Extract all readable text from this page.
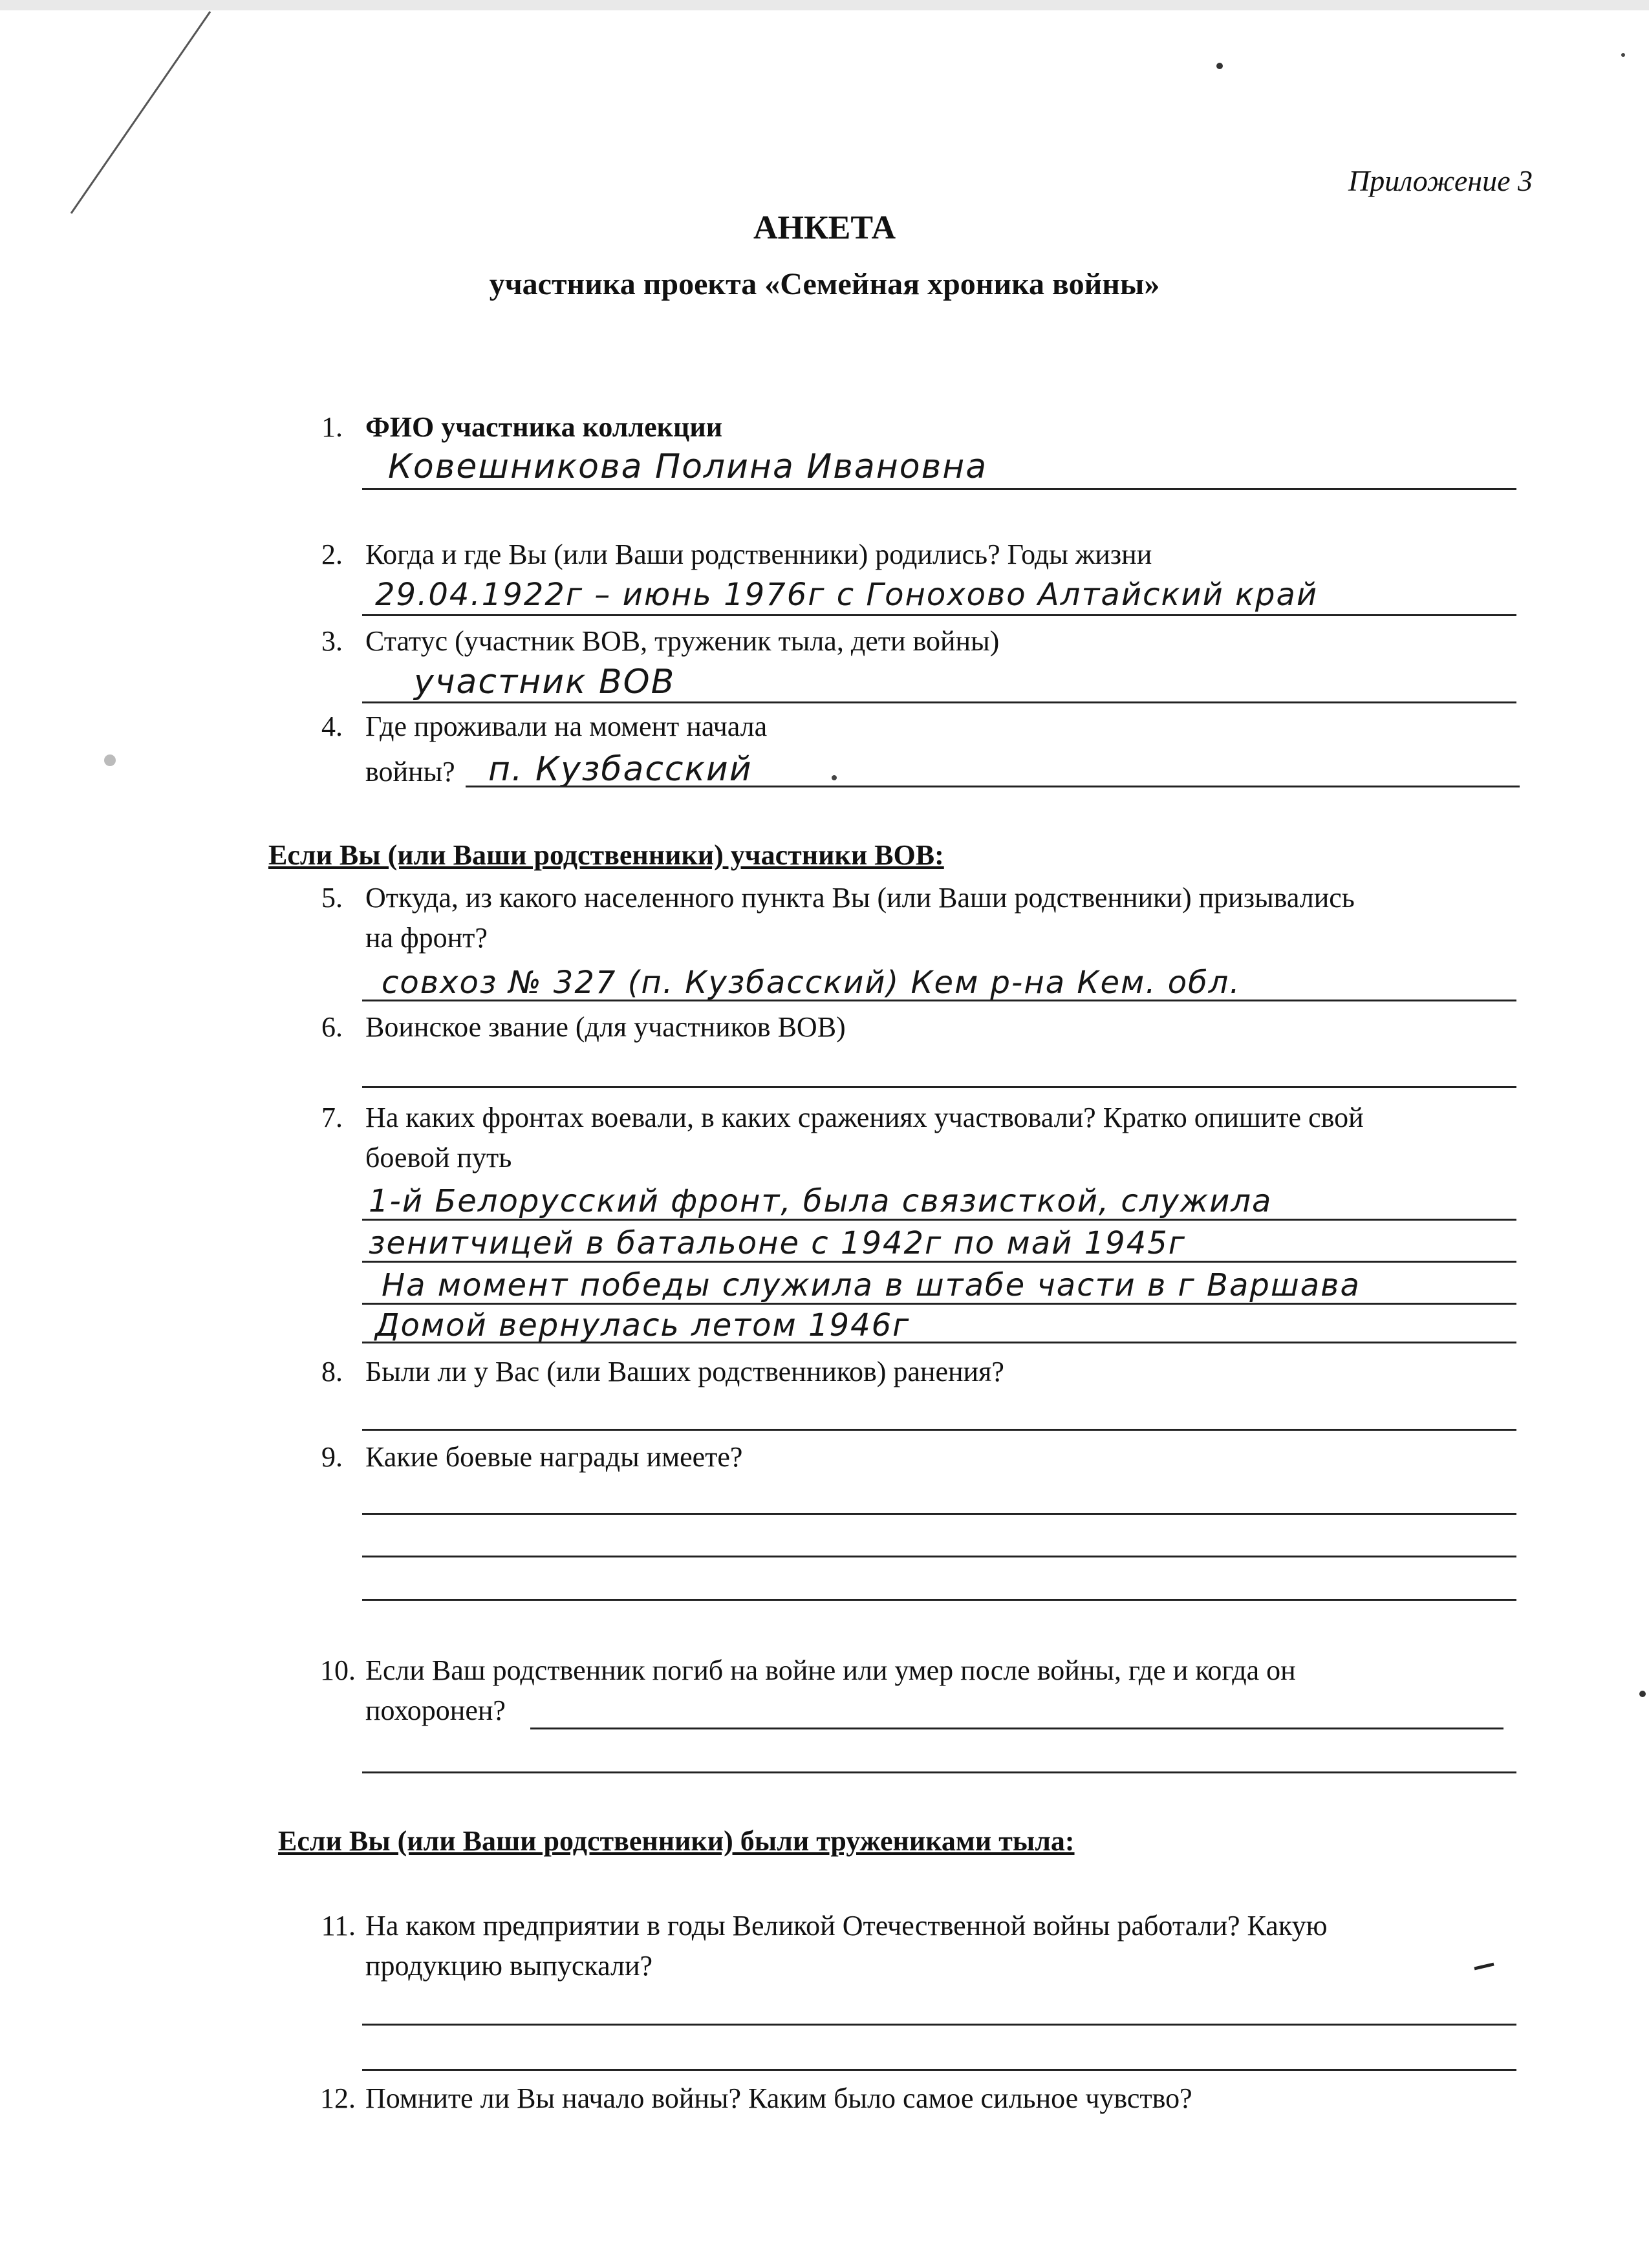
Приложение 3
АНКЕТА
участника проекта «Семейная хроника войны»
1. ФИО участника коллекции
Ковешникова Полина Ивановна
2. Когда и где Вы (или Ваши родственники) родились? Годы жизни
29.04.1922г – июнь 1976г с Гонохово Алтайский край
3. Статус (участник ВОВ, труженик тыла, дети войны)
участник ВОВ
4. Где проживали на момент начала
войны? п. Кузбасский
Если Вы (или Ваши родственники) участники ВОВ:
5. Откуда, из какого населенного пункта Вы (или Ваши родственники) призывались
на фронт?
совхоз № 327 (п. Кузбасский) Кем р-на Кем. обл.
6. Воинское звание (для участников ВОВ)
7. На каких фронтах воевали, в каких сражениях участвовали? Кратко опишите свой
боевой путь
1-й Белорусский фронт, была связисткой, служила
зенитчицей в батальоне с 1942г по май 1945г
На момент победы служила в штабе части в г Варшава
Домой вернулась летом 1946г
8. Были ли у Вас (или Ваших родственников) ранения?
9. Какие боевые награды имеете?
10. Если Ваш родственник погиб на войне или умер после войны, где и когда он
похоронен?
Если Вы (или Ваши родственники) были тружениками тыла:
11. На каком предприятии в годы Великой Отечественной войны работали? Какую
продукцию выпускали?
12. Помните ли Вы начало войны? Каким было самое сильное чувство?
